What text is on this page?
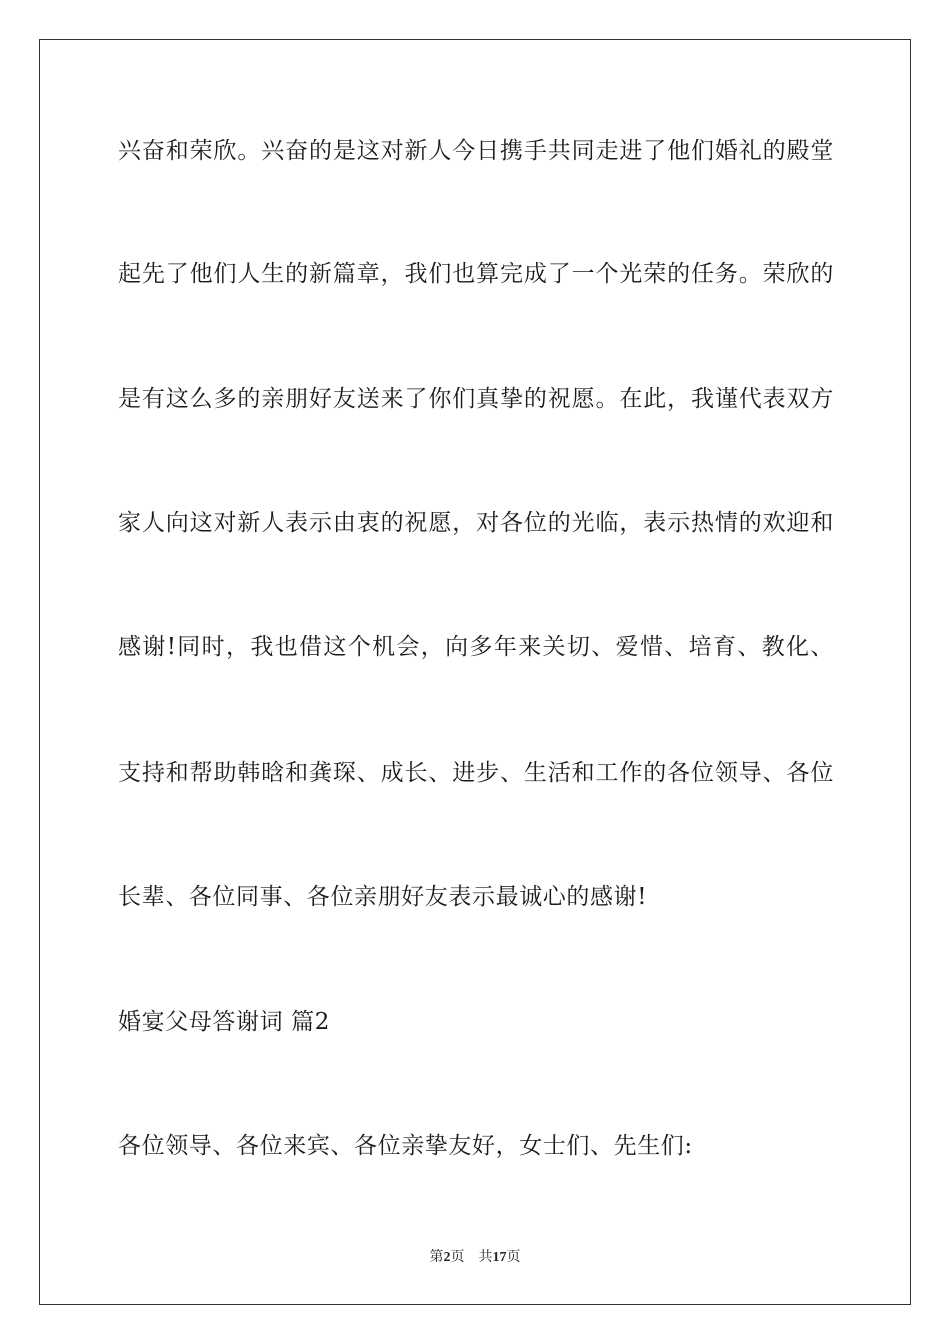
兴奋和荣欣。兴奋的是这对新人今日携手共同走进了他们婚礼的殿堂
起先了他们人生的新篇章，我们也算完成了一个光荣的任务。荣欣的
是有这么多的亲朋好友送来了你们真挚的祝愿。在此，我谨代表双方
家人向这对新人表示由衷的祝愿，对各位的光临，表示热情的欢迎和
感谢!同时，我也借这个机会，向多年来关切、爱惜、培育、教化、
支持和帮助韩晗和龚琛、成长、进步、生活和工作的各位领导、各位
长辈、各位同事、各位亲朋好友表示最诚心的感谢!
婚宴父母答谢词 篇2
各位领导、各位来宾、各位亲挚友好，女士们、先生们:
第2页 共17页
